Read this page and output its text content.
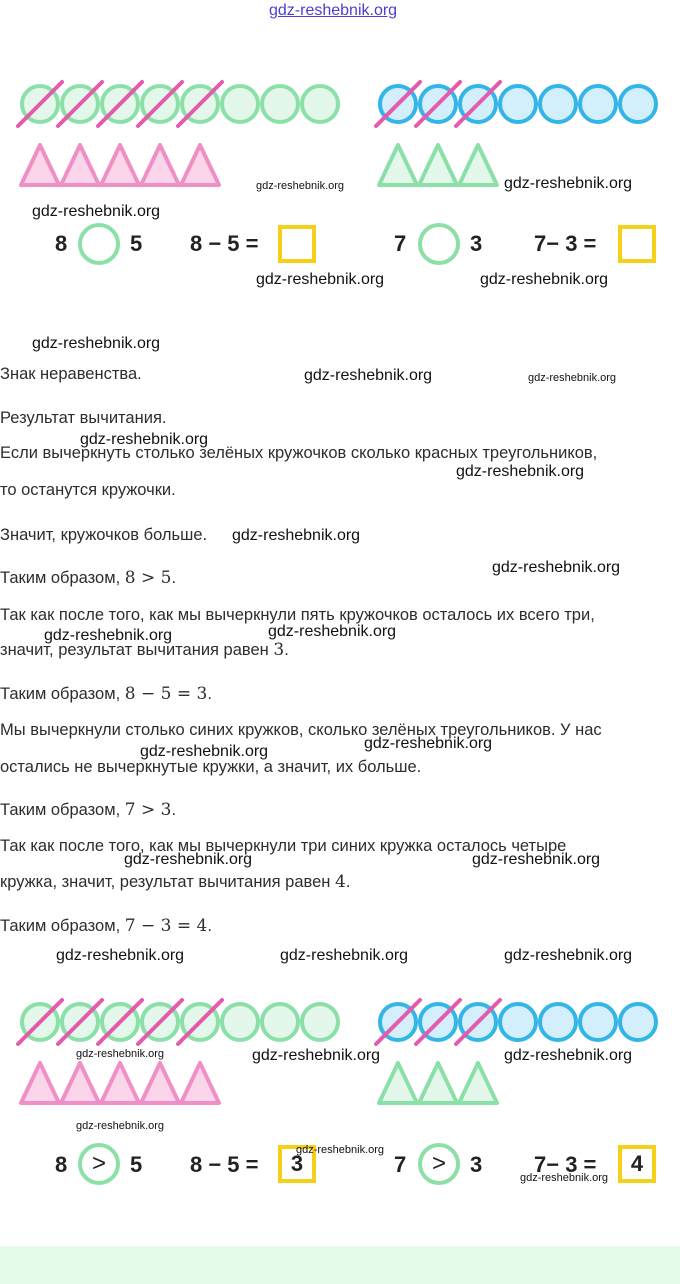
gdz-reshebnik.org
8	5 8 − 5 =	7	3 7− 3 =
Знак неравенства.
Результат вычитания.
Если вычеркнуть столько зелёных кружочков сколько красных треугольников,
то останутся кружочки.
Значит, кружочков больше.
Таким образом, 8 > 5.
Так как после того, как мы вычеркнули пять кружочков осталось их всего три,
значит, результат вычитания равен 3.
Таким образом, 8 − 5 = 3.
Мы вычеркнули столько синих кружков, сколько зелёных треугольников. У нас
остались не вычеркнутые кружки, а значит, их больше.
Таким образом, 7 > 3.
Так как после того, как мы вычеркнули три синих кружка осталось четыре
кружка, значит, результат вычитания равен 4.
Таким образом, 7 − 3 = 4.
8 > 5 8 − 5 = 3	7 > 3 7− 3 = 4
gdz-reshebnik.org	gdz-reshebnik.org
gdz-reshebnik.org
gdz-reshebnik.org	gdz-reshebnik.org
gdz-reshebnik.org
gdz-reshebnik.org	gdz-reshebnik.org
gdz-reshebnik.org
gdz-reshebnik.org
gdz-reshebnik.org
gdz-reshebnik.org
gdz-reshebnik.org	gdz-reshebnik.org
gdz-reshebnik.org	gdz-reshebnik.org
gdz-reshebnik.org	gdz-reshebnik.org
gdz-reshebnik.org	gdz-reshebnik.org	gdz-reshebnik.org
gdz-reshebnik.org	gdz-reshebnik.org	gdz-reshebnik.org
gdz-reshebnik.org
gdz-reshebnik.org
gdz-reshebnik.org
